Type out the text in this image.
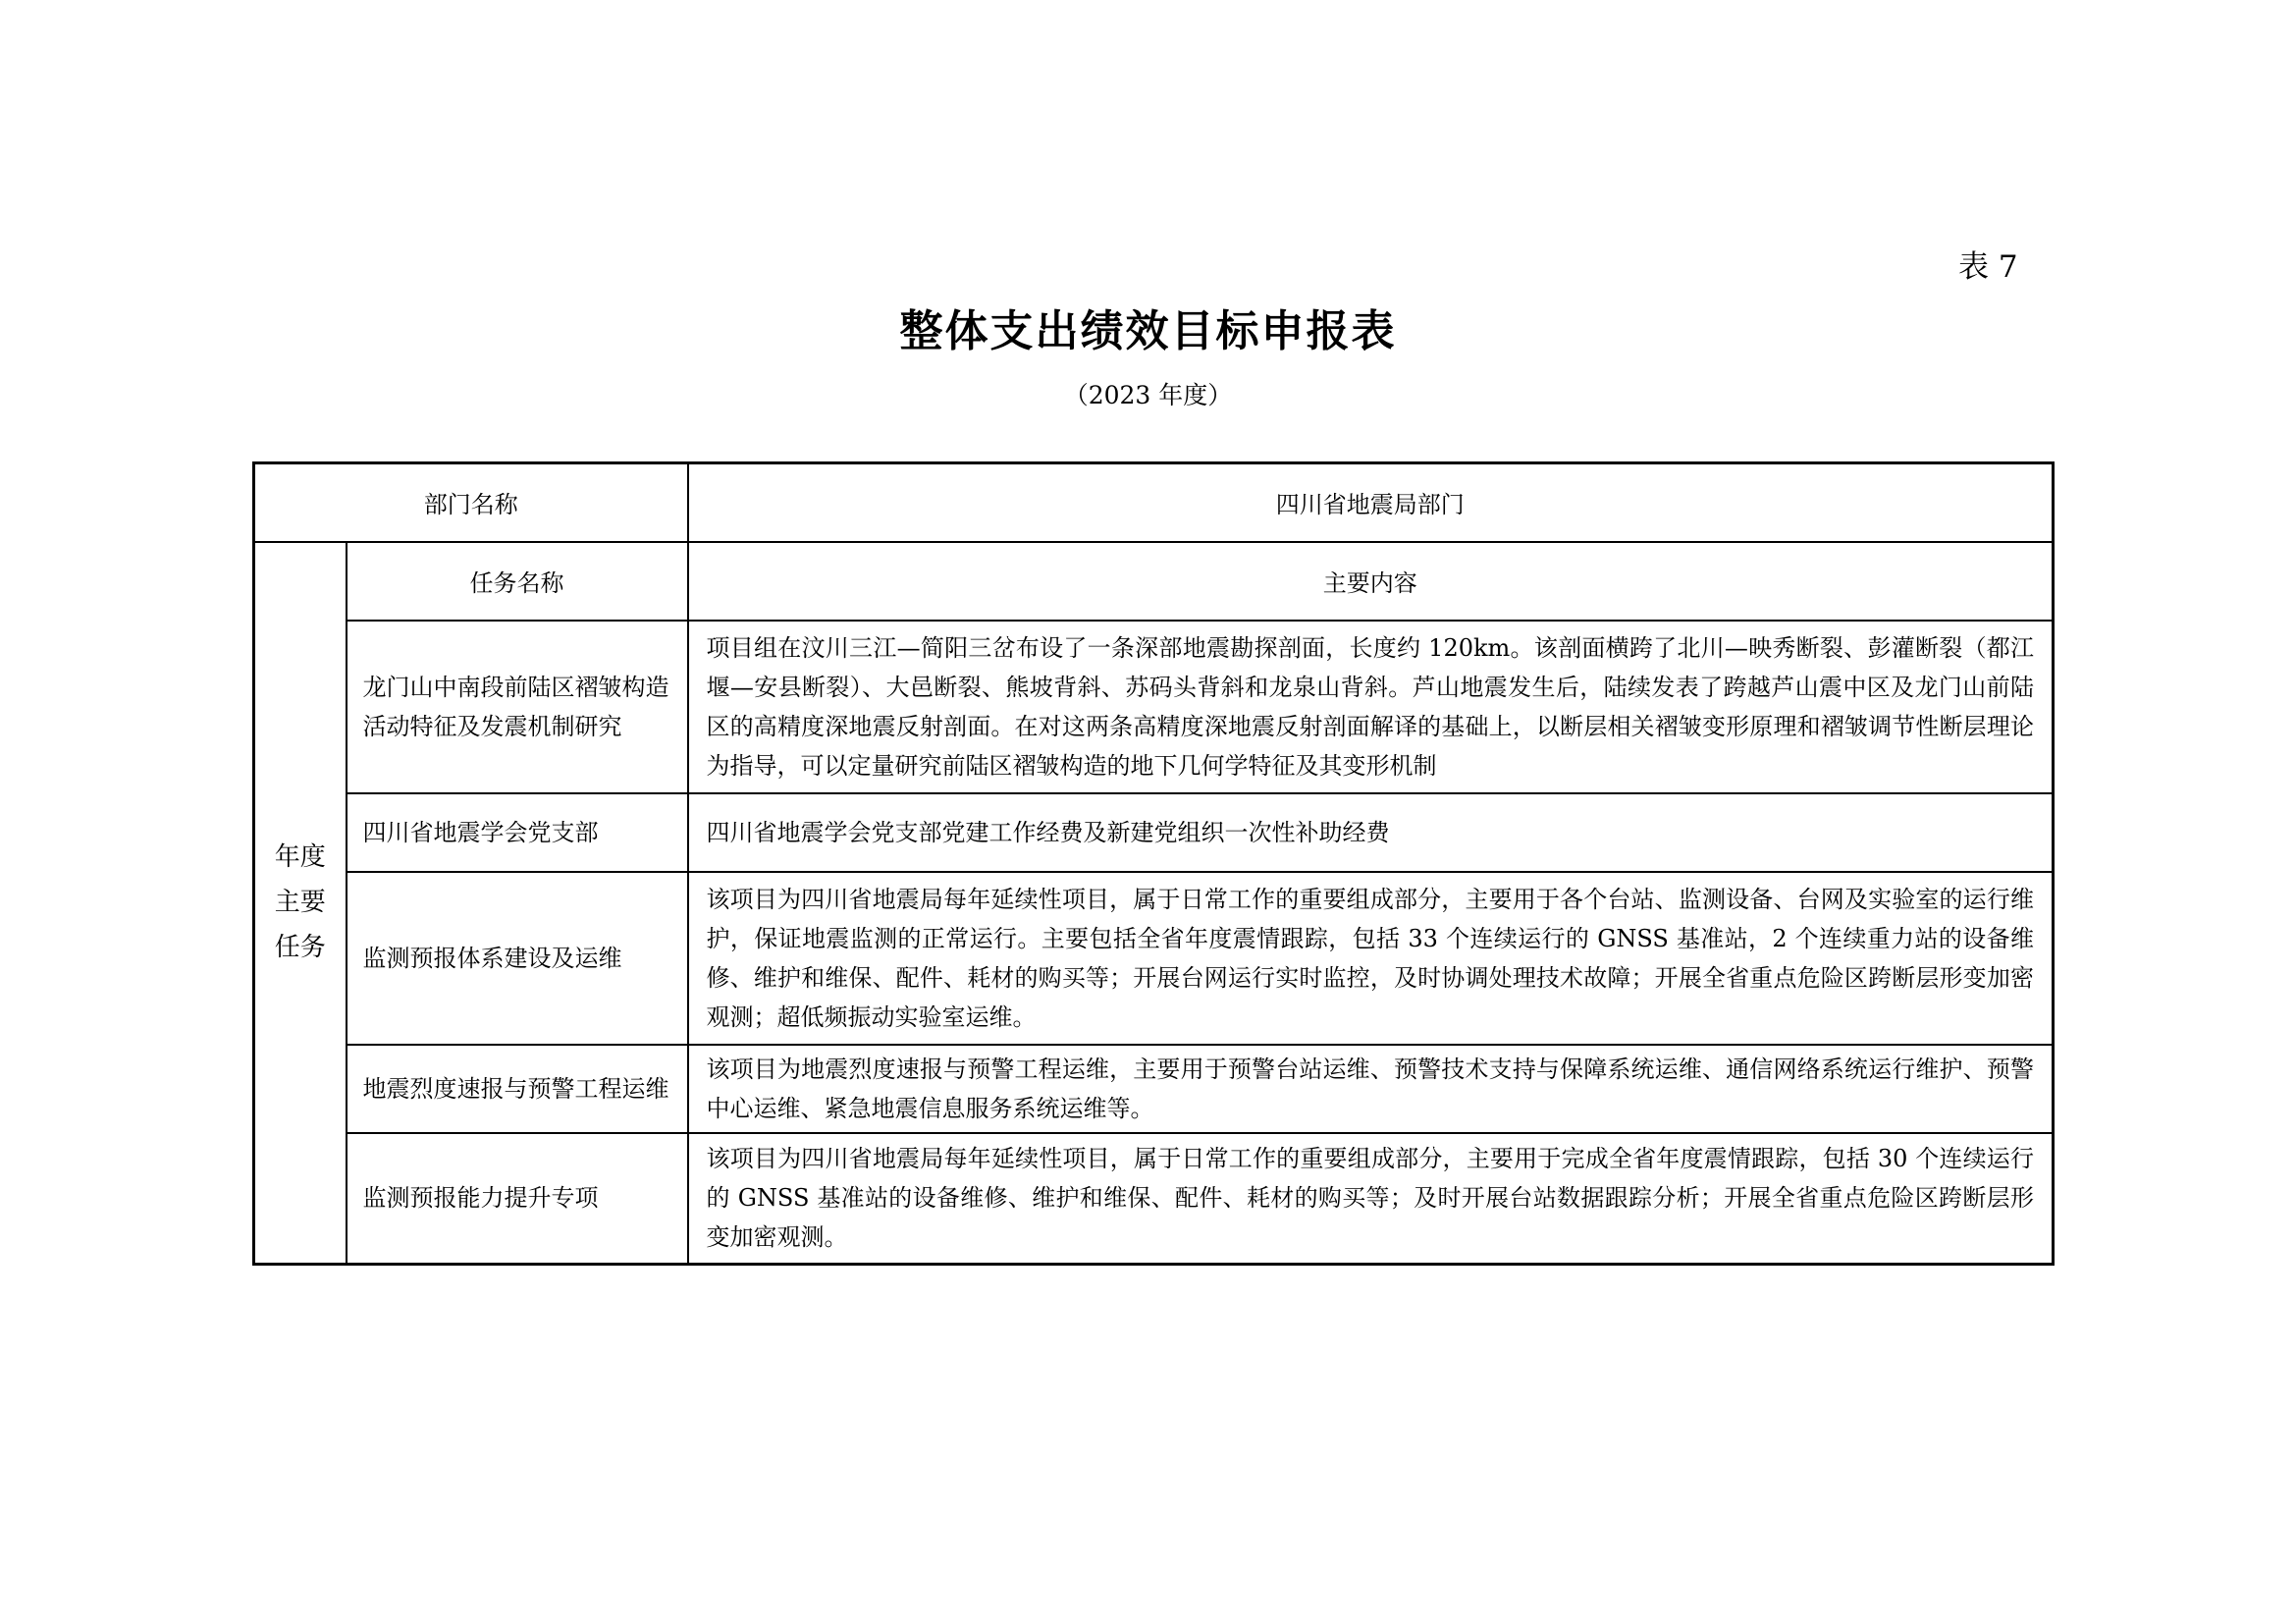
表 7
整体支出绩效目标申报表
（2023 年度）
部门名称		四川省地震局部门

年度
主要
任务	任务名称	主要内容
	龙门山中南段前陆区褶皱构造活动特征及发震机制研究	项目组在汶川三江—简阳三岔布设了一条深部地震勘探剖面，长度约 120km。该剖面横跨了北川—映秀断裂、彭灌断裂（都江堰—安县断裂）、大邑断裂、熊坡背斜、苏码头背斜和龙泉山背斜。芦山地震发生后，陆续发表了跨越芦山震中区及龙门山前陆区的高精度深地震反射剖面。在对这两条高精度深地震反射剖面解译的基础上，以断层相关褶皱变形原理和褶皱调节性断层理论为指导，可以定量研究前陆区褶皱构造的地下几何学特征及其变形机制
	四川省地震学会党支部	四川省地震学会党支部党建工作经费及新建党组织一次性补助经费
	监测预报体系建设及运维	该项目为四川省地震局每年延续性项目，属于日常工作的重要组成部分，主要用于各个台站、监测设备、台网及实验室的运行维护，保证地震监测的正常运行。主要包括全省年度震情跟踪，包括 33 个连续运行的 GNSS 基准站，2 个连续重力站的设备维修、维护和维保、配件、耗材的购买等；开展台网运行实时监控，及时协调处理技术故障；开展全省重点危险区跨断层形变加密观测；超低频振动实验室运维。
	地震烈度速报与预警工程运维	该项目为地震烈度速报与预警工程运维，主要用于预警台站运维、预警技术支持与保障系统运维、通信网络系统运行维护、预警中心运维、紧急地震信息服务系统运维等。
	监测预报能力提升专项	该项目为四川省地震局每年延续性项目，属于日常工作的重要组成部分，主要用于完成全省年度震情跟踪，包括 30 个连续运行的 GNSS 基准站的设备维修、维护和维保、配件、耗材的购买等；及时开展台站数据跟踪分析；开展全省重点危险区跨断层形变加密观测。
